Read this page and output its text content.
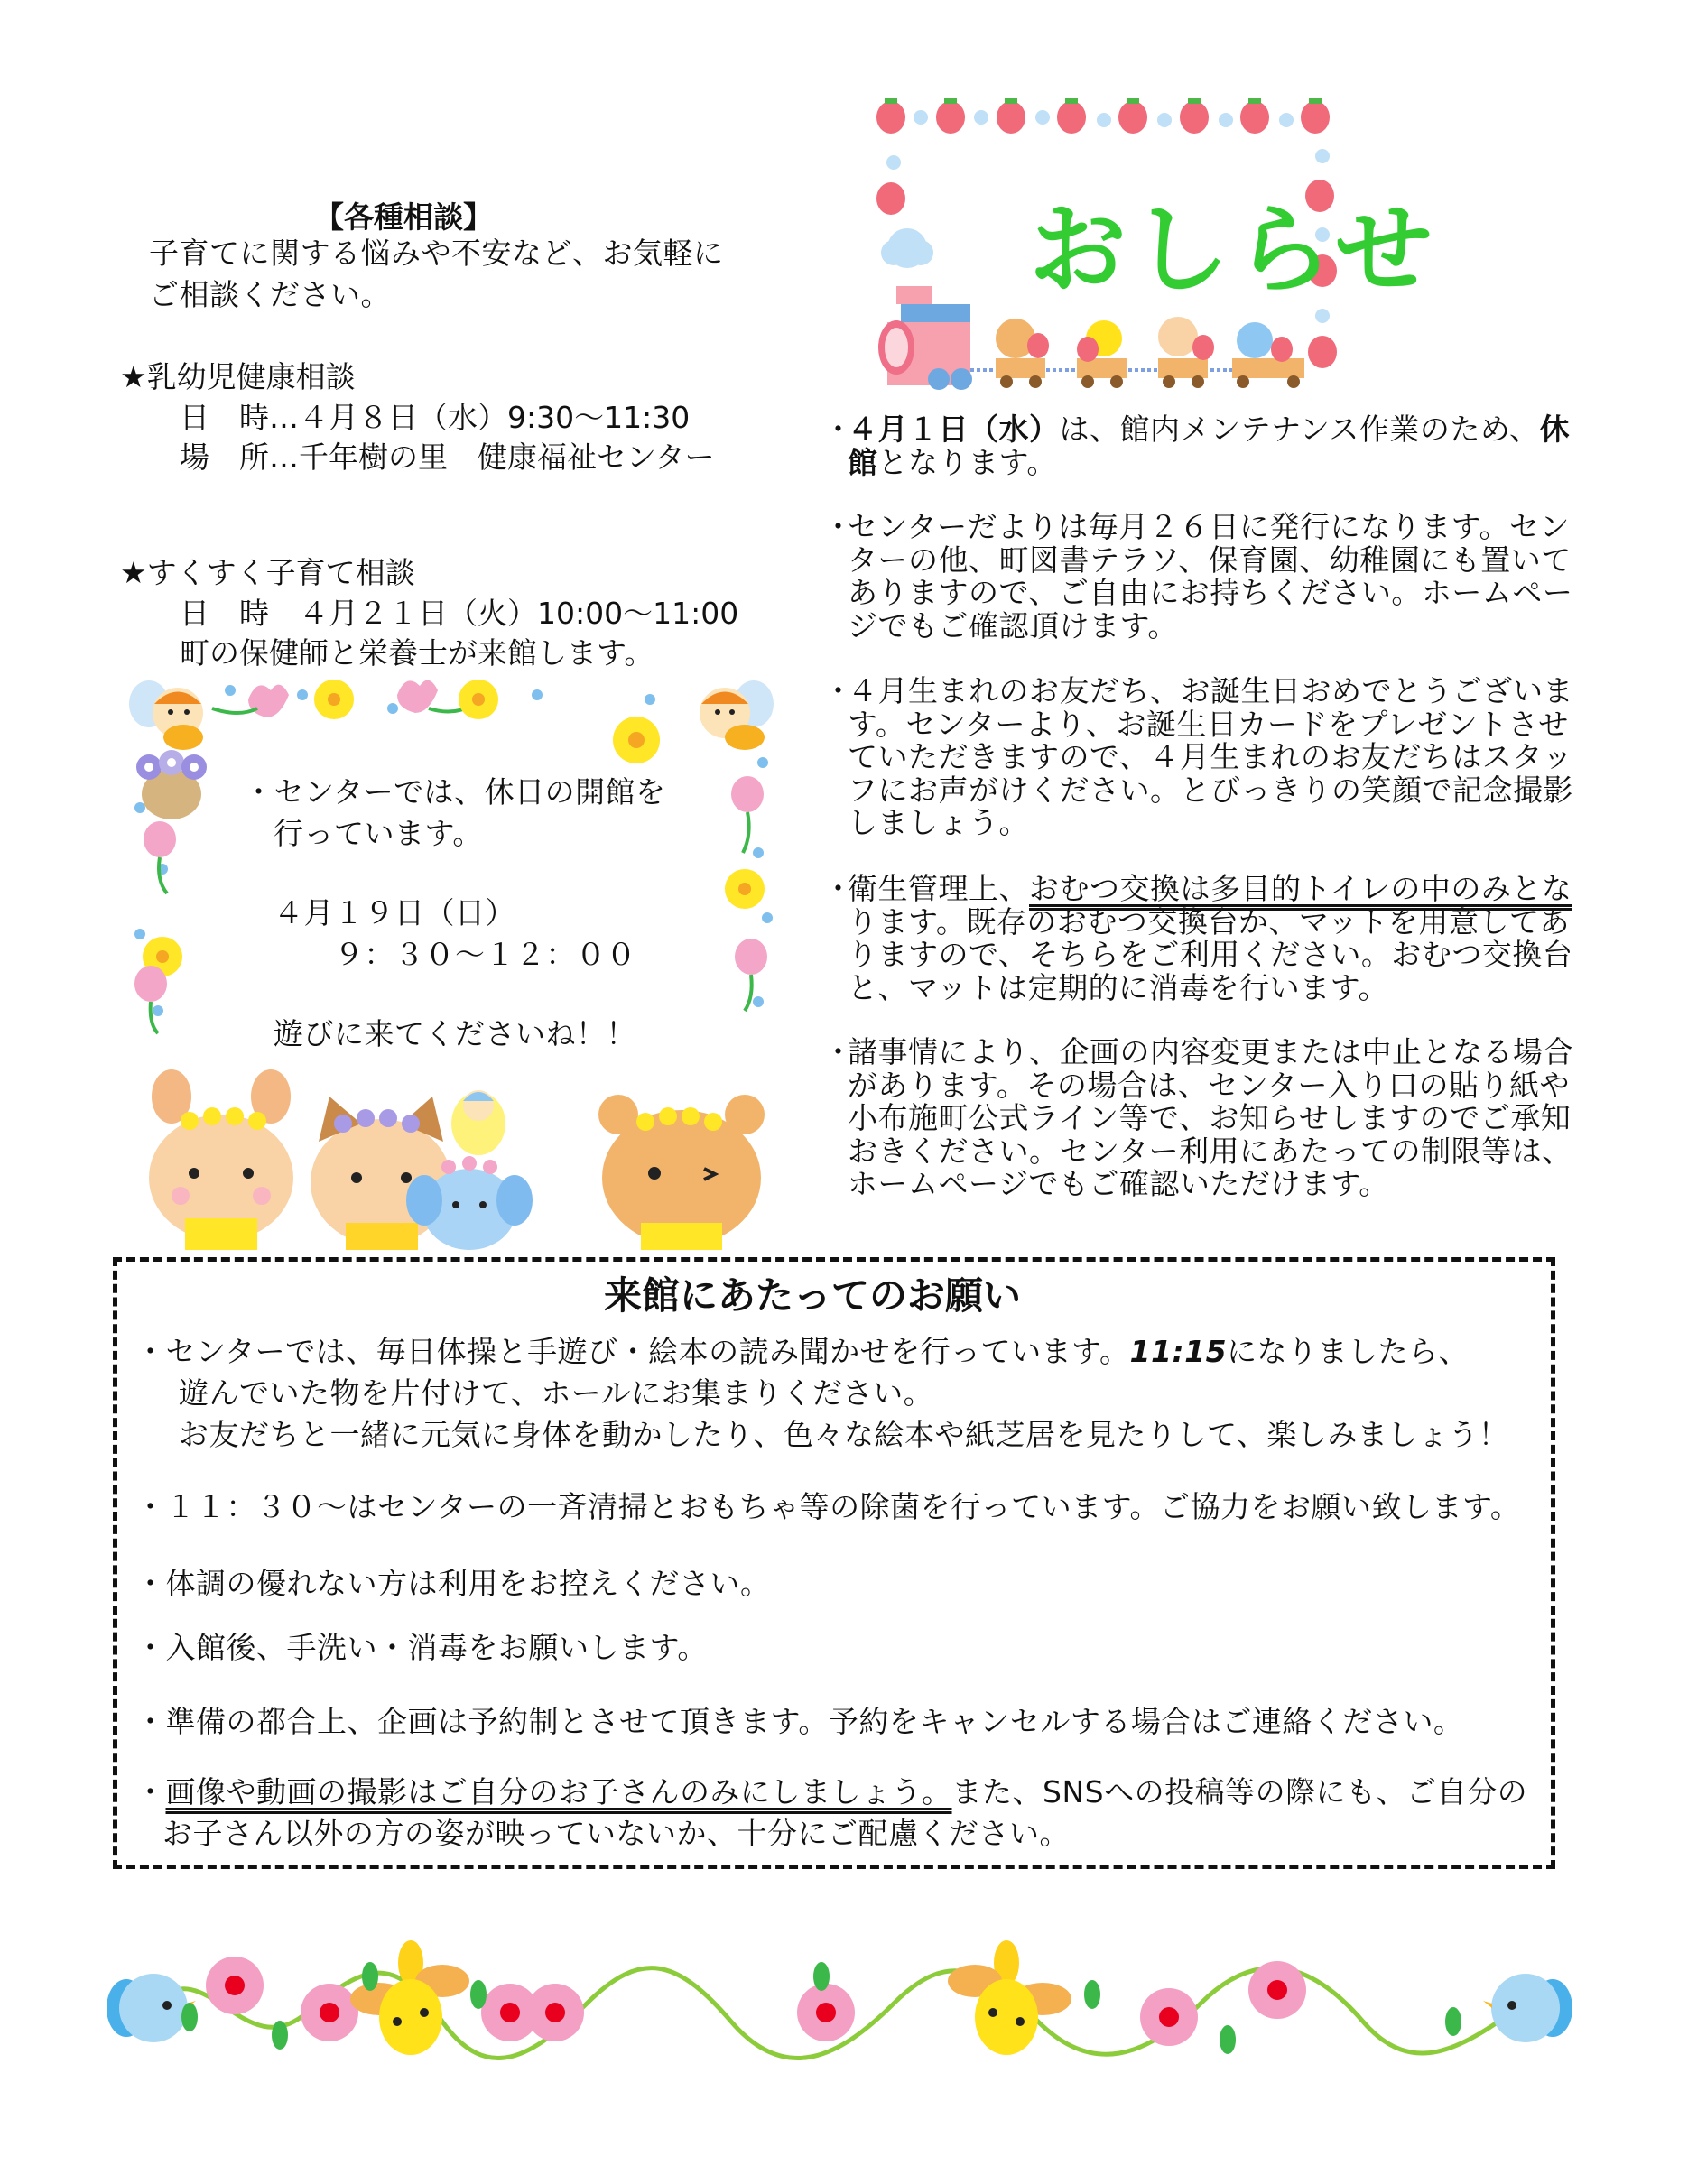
【各種相談】
子育てに関する悩みや不安など、お気軽に
ご相談ください。
★乳幼児健康相談
日　時…４月８日（水）9:30～11:30
場　所…千年樹の里　健康福祉センター
★すくすく子育て相談
日　時　４月２１日（火）10:00～11:00
町の保健師と栄養士が来館します。
・センターでは、休日の開館を
行っています。
４月１９日（日）
９：３０～１２：００
遊びに来てくださいね！！
おしらせ
・
４月１日（水）は、館内メンテナンス作業のため、休館となります。
・
センターだよりは毎月２６日に発行になります。センターの他、町図書テラソ、保育園、幼稚園にも置いてありますので、ご自由にお持ちください。ホームページでもご確認頂けます。
・
４月生まれのお友だち、お誕生日おめでとうございます。センターより、お誕生日カードをプレゼントさせていただきますので、４月生まれのお友だちはスタッフにお声がけください。とびっきりの笑顔で記念撮影しましょう。
・
衛生管理上、おむつ交換は多目的トイレの中のみとなります。既存のおむつ交換台か、マットを用意してありますので、そちらをご利用ください。おむつ交換台と、マットは定期的に消毒を行います。
・
諸事情により、企画の内容変更または中止となる場合があります。その場合は、センター入り口の貼り紙や小布施町公式ライン等で、お知らせしますのでご承知おきください。センター利用にあたっての制限等は、ホームページでもご確認いただけます。
来館にあたってのお願い
・センターでは、毎日体操と手遊び・絵本の読み聞かせを行っています。11:15になりましたら、
遊んでいた物を片付けて、ホールにお集まりください。
お友だちと一緒に元気に身体を動かしたり、色々な絵本や紙芝居を見たりして、楽しみましょう！
・１１：３０～はセンターの一斉清掃とおもちゃ等の除菌を行っています。ご協力をお願い致します。
・体調の優れない方は利用をお控えください。
・入館後、手洗い・消毒をお願いします。
・準備の都合上、企画は予約制とさせて頂きます。予約をキャンセルする場合はご連絡ください。
・画像や動画の撮影はご自分のお子さんのみにしましょう。また、SNSへの投稿等の際にも、ご自分の
お子さん以外の方の姿が映っていないか、十分にご配慮ください。
